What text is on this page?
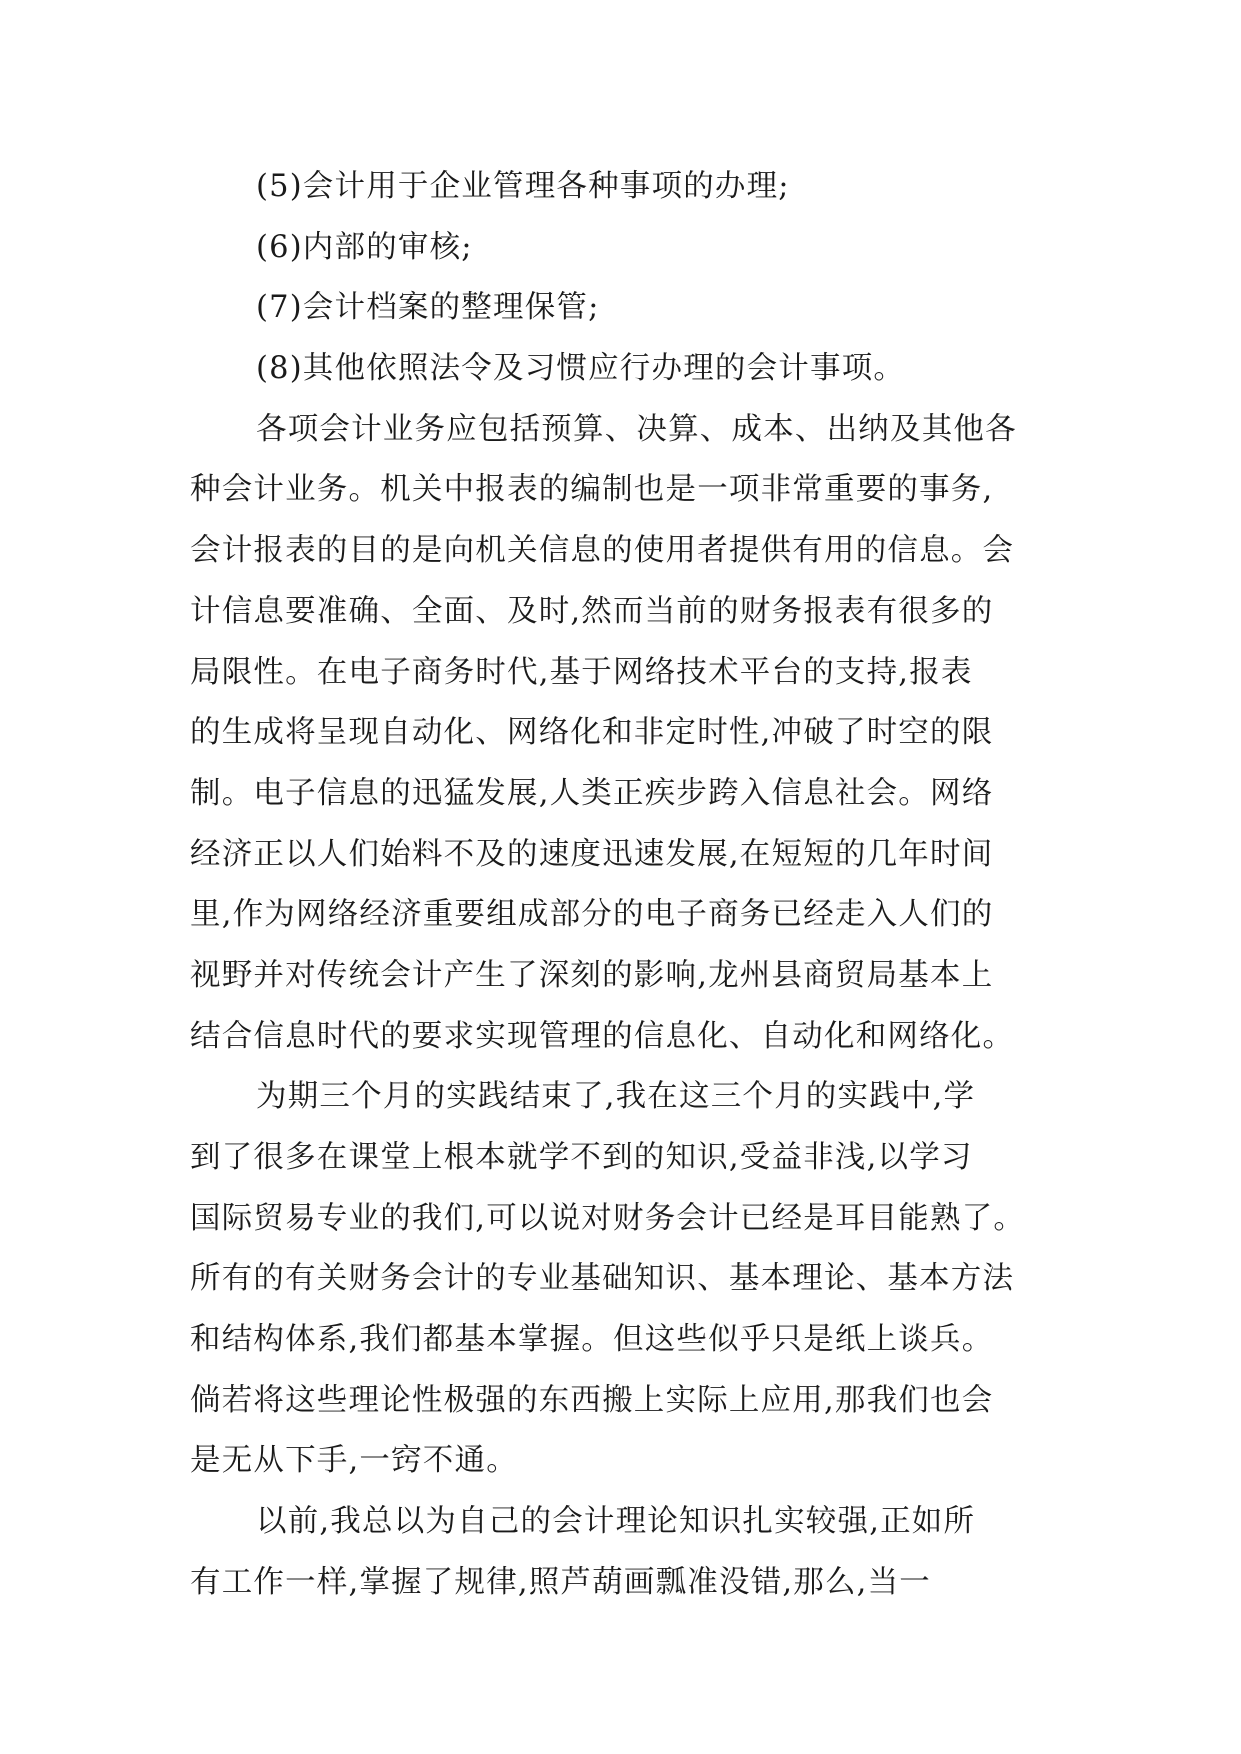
(5)会计用于企业管理各种事项的办理;
(6)内部的审核;
(7)会计档案的整理保管;
(8)其他依照法令及习惯应行办理的会计事项。
各项会计业务应包括预算、决算、成本、出纳及其他各
种会计业务。机关中报表的编制也是一项非常重要的事务,
会计报表的目的是向机关信息的使用者提供有用的信息。会
计信息要准确、全面、及时,然而当前的财务报表有很多的
局限性。在电子商务时代,基于网络技术平台的支持,报表
的生成将呈现自动化、网络化和非定时性,冲破了时空的限
制。电子信息的迅猛发展,人类正疾步跨入信息社会。网络
经济正以人们始料不及的速度迅速发展,在短短的几年时间
里,作为网络经济重要组成部分的电子商务已经走入人们的
视野并对传统会计产生了深刻的影响,龙州县商贸局基本上
结合信息时代的要求实现管理的信息化、自动化和网络化。
为期三个月的实践结束了,我在这三个月的实践中,学
到了很多在课堂上根本就学不到的知识,受益非浅,以学习
国际贸易专业的我们,可以说对财务会计已经是耳目能熟了。
所有的有关财务会计的专业基础知识、基本理论、基本方法
和结构体系,我们都基本掌握。但这些似乎只是纸上谈兵。
倘若将这些理论性极强的东西搬上实际上应用,那我们也会
是无从下手,一窍不通。
以前,我总以为自己的会计理论知识扎实较强,正如所
有工作一样,掌握了规律,照芦葫画瓢准没错,那么,当一
